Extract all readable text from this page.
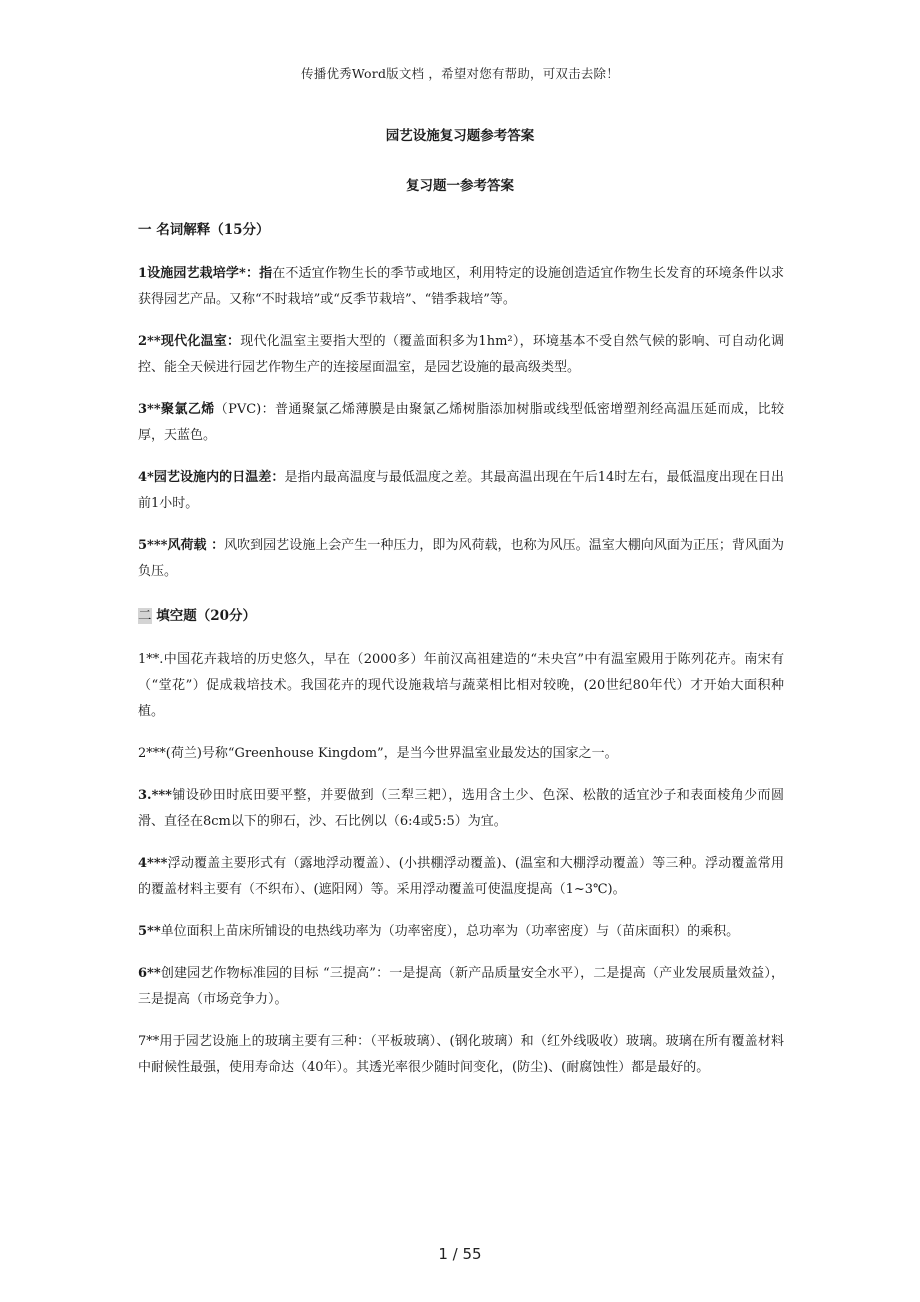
传播优秀Word版文档 ，希望对您有帮助，可双击去除！
园艺设施复习题参考答案
复习题一参考答案

一 名词解释（15分）

1设施园艺栽培学*：指在不适宜作物生长的季节或地区，利用特定的设施创造适宜作物生长发育的环境条件以求获得园艺产品。又称“不时栽培”或“反季节栽培”、“错季栽培”等。

2**现代化温室：现代化温室主要指大型的（覆盖面积多为1hm²），环境基本不受自然气候的影响、可自动化调控、能全天候进行园艺作物生产的连接屋面温室，是园艺设施的最高级类型。

3**聚氯乙烯（PVC)：普通聚氯乙烯薄膜是由聚氯乙烯树脂添加树脂或线型低密增塑剂经高温压延而成，比较厚，天蓝色。

4*园艺设施内的日温差：是指内最高温度与最低温度之差。其最高温出现在午后14时左右，最低温度出现在日出前1小时。

5***风荷载 ：风吹到园艺设施上会产生一种压力，即为风荷载，也称为风压。温室大棚向风面为正压；背风面为负压。

二 填空题（20分）

1**.中国花卉栽培的历史悠久，早在（2000多）年前汉高祖建造的“未央宫”中有温室殿用于陈列花卉。南宋有（“堂花”）促成栽培技术。我国花卉的现代设施栽培与蔬菜相比相对较晚，(20世纪80年代）才开始大面积种植。

2***(荷兰)号称“Greenhouse Kingdom”，是当今世界温室业最发达的国家之一。

3.***铺设砂田时底田要平整，并要做到（三犁三耙），选用含土少、色深、松散的适宜沙子和表面棱角少而圆滑、直径在8cm以下的卵石，沙、石比例以（6:4或5:5）为宜。

4***浮动覆盖主要形式有（露地浮动覆盖）、(小拱棚浮动覆盖)、(温室和大棚浮动覆盖）等三种。浮动覆盖常用的覆盖材料主要有（不织布）、(遮阳网）等。采用浮动覆盖可使温度提高（1~3℃)。

5**单位面积上苗床所铺设的电热线功率为（功率密度），总功率为（功率密度）与（苗床面积）的乘积。

6**创建园艺作物标准园的目标 “三提高”：一是提高（新产品质量安全水平），二是提高（产业发展质量效益），三是提高（市场竞争力）。

7**用于园艺设施上的玻璃主要有三种：（平板玻璃）、(钢化玻璃）和（红外线吸收）玻璃。玻璃在所有覆盖材料中耐候性最强，使用寿命达（40年）。其透光率很少随时间变化，(防尘)、(耐腐蚀性）都是最好的。

1 / 55
